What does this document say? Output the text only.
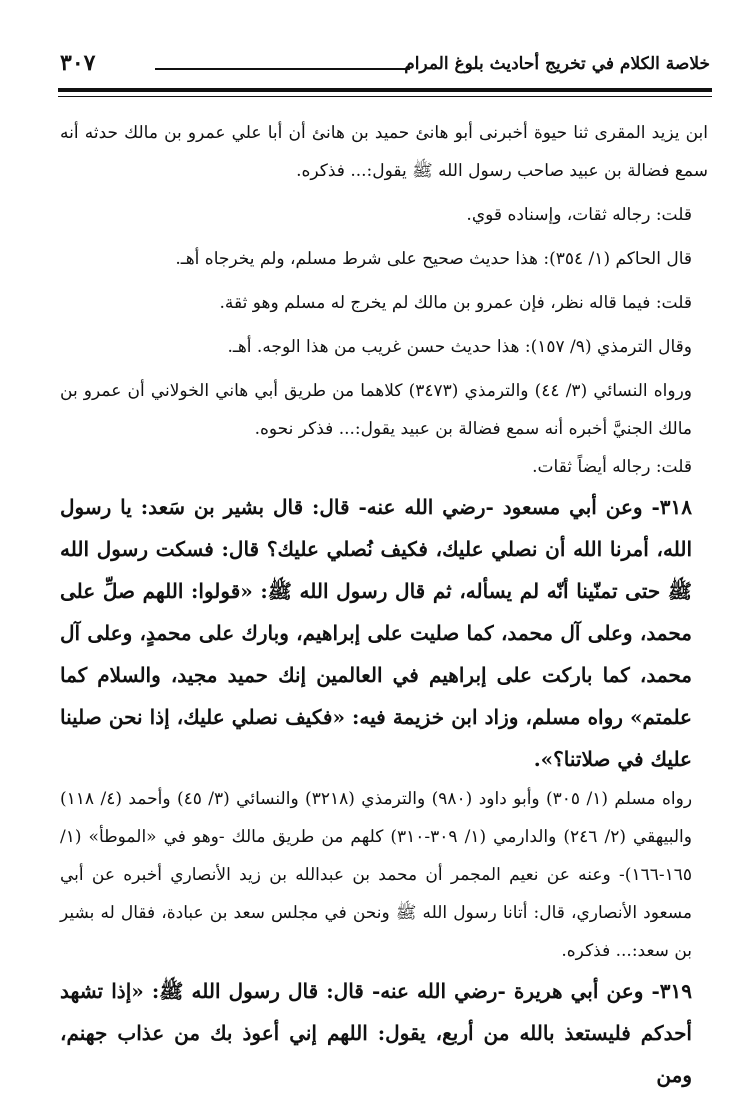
٣٠٧	خلاصة الكلام في تخريج أحاديث بلوغ المرام

ابن يزيد المقرى ثنا حيوة أخبرنى أبو هانئ حميد بن هانئ أن أبا علي عمرو بن مالك حدثه أنه سمع فضالة بن عبيد صاحب رسول الله ﷺ يقول:... فذكره.

قلت: رجاله ثقات، وإسناده قوي.

قال الحاكم (١/ ٣٥٤): هذا حديث صحيح على شرط مسلم، ولم يخرجاه أهـ.

قلت: فيما قاله نظر، فإن عمرو بن مالك لم يخرج له مسلم وهو ثقة.

وقال الترمذي (٩/ ١٥٧): هذا حديث حسن غريب من هذا الوجه. أهـ.

ورواه النسائي (٣/ ٤٤) والترمذي (٣٤٧٣) كلاهما من طريق أبي هاني الخولاني أن عمرو بن مالك الجنيَّ أخبره أنه سمع فضالة بن عبيد يقول:... فذكر نحوه.

قلت: رجاله أيضاً ثقات.

٣١٨- وعن أبي مسعود -رضي الله عنه- قال: قال بشير بن سَعد: يا رسول الله، أمرنا الله أن نصلي عليك، فكيف نُصلي عليك؟ قال: فسكت رسول الله ﷺ حتى تمنّينا أنّه لم يسأله، ثم قال رسول الله ﷺ: «قولوا: اللهم صلِّ على محمد، وعلى آل محمد، كما صليت على إبراهيم، وبارك على محمدٍ، وعلى آل محمد، كما باركت على إبراهيم في العالمين إنك حميد مجيد، والسلام كما علمتم» رواه مسلم، وزاد ابن خزيمة فيه: «فكيف نصلي عليك، إذا نحن صلينا عليك في صلاتنا؟».

رواه مسلم (١/ ٣٠٥) وأبو داود (٩٨٠) والترمذي (٣٢١٨) والنسائي (٣/ ٤٥) وأحمد (٤/ ١١٨) والبيهقي (٢/ ٢٤٦) والدارمي (١/ ٣٠٩-٣١٠) كلهم من طريق مالك -وهو في «الموطأ» (١/ ١٦٥-١٦٦)- وعنه عن نعيم المجمر أن محمد بن عبدالله بن زيد الأنصاري أخبره عن أبي مسعود الأنصاري، قال: أتانا رسول الله ﷺ ونحن في مجلس سعد بن عبادة، فقال له بشير بن سعد:... فذكره.

٣١٩- وعن أبي هريرة -رضي الله عنه- قال: قال رسول الله ﷺ: «إذا تشهد أحدكم فليستعذ بالله من أربع، يقول: اللهم إني أعوذ بك من عذاب جهنم، ومن
